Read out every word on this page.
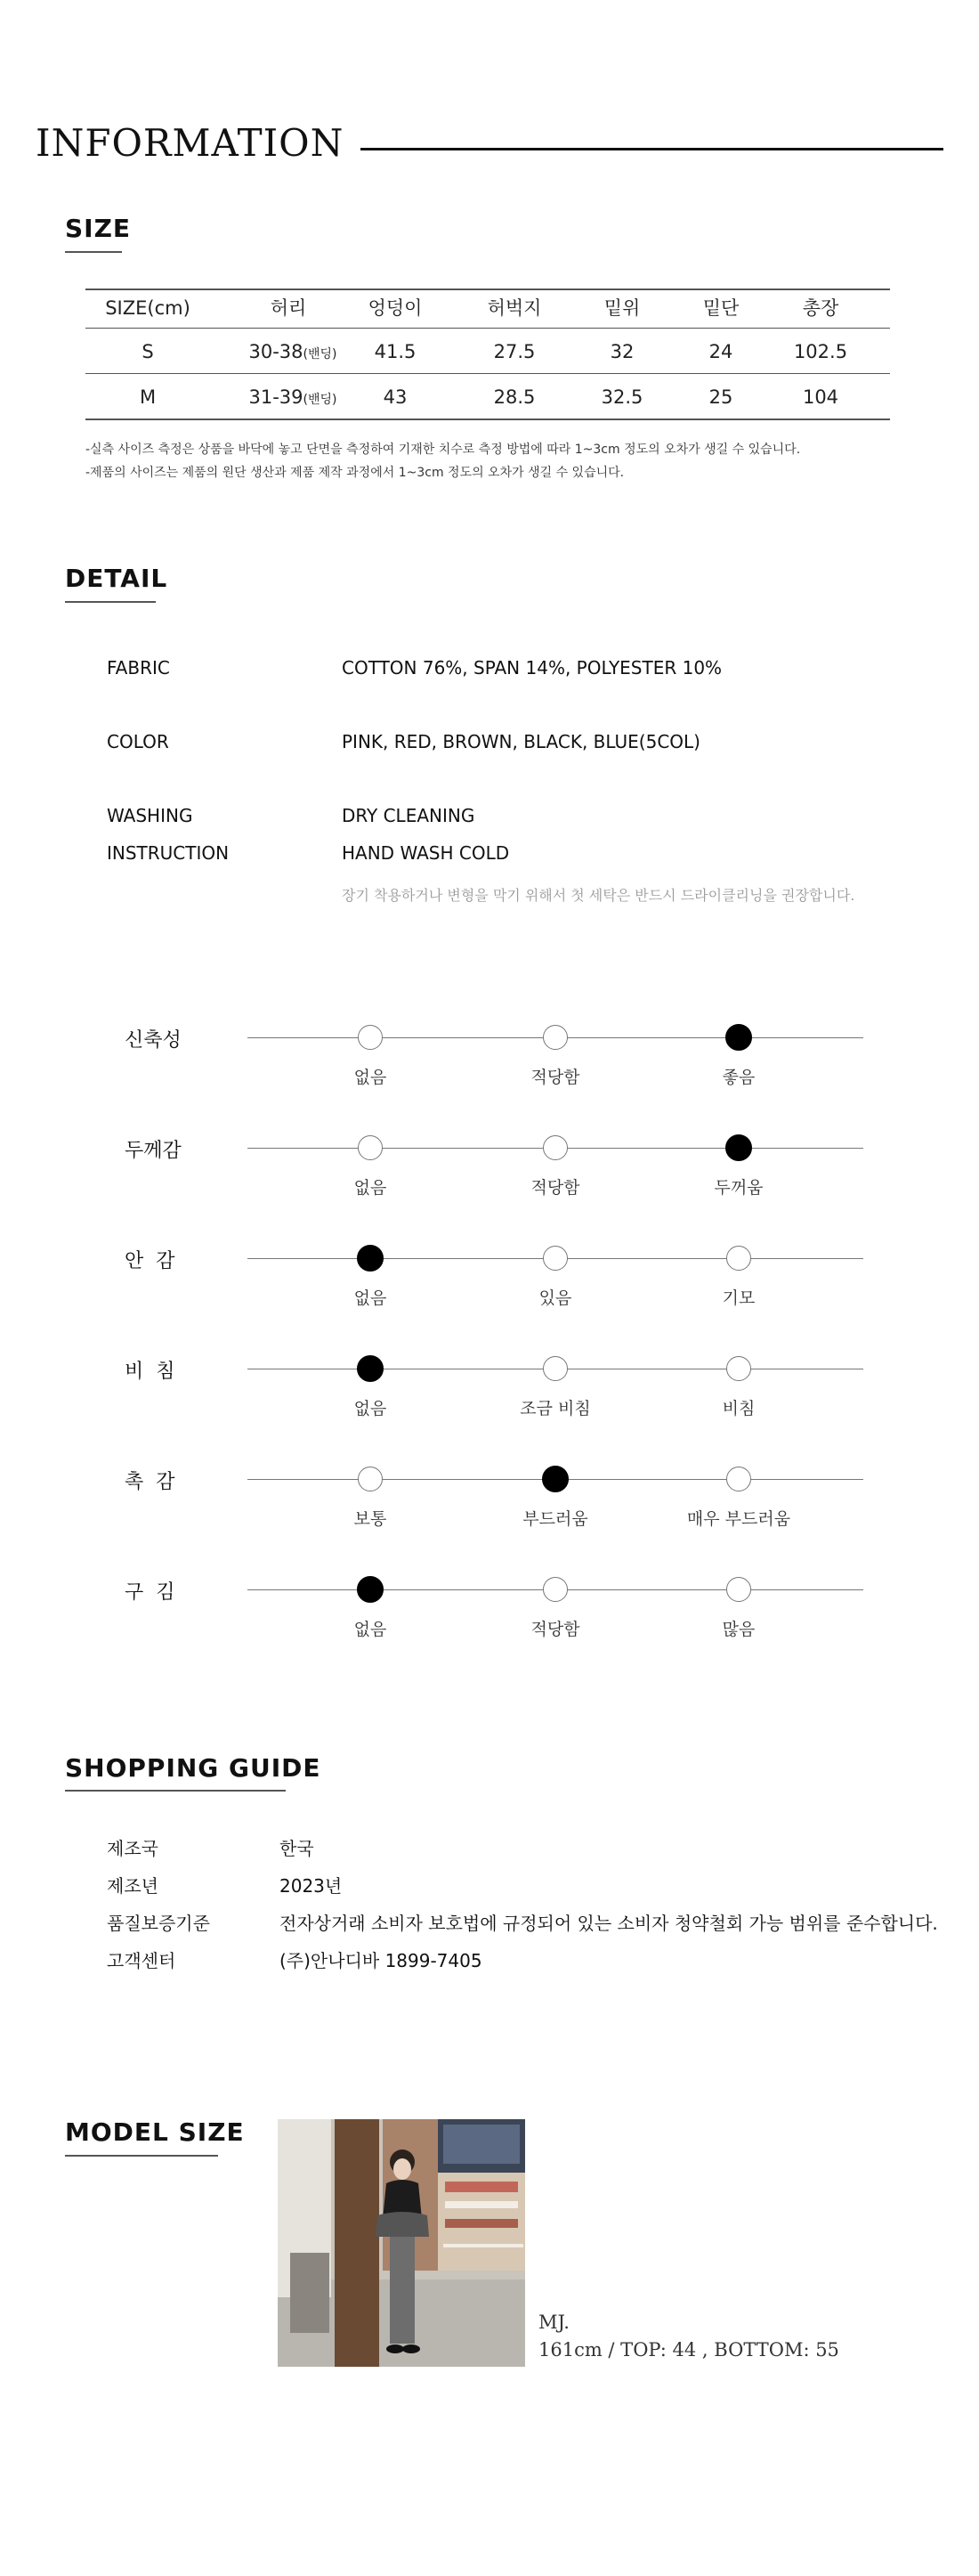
INFORMATION
SIZE
SIZE(cm)	허리	엉덩이	허벅지	밑위	밑단	총장
S	30-38(밴딩)	41.5	27.5	32	24	102.5
M	31-39(밴딩)	43	28.5	32.5	25	104
-실측 사이즈 측정은 상품을 바닥에 놓고 단면을 측정하여 기재한 치수로 측정 방법에 따라 1~3cm 정도의 오차가 생길 수 있습니다.
-제품의 사이즈는 제품의 원단 생산과 제품 제작 과정에서 1~3cm 정도의 오차가 생길 수 있습니다.
DETAIL
FABRIC	COTTON 76%, SPAN 14%, POLYESTER 10%
COLOR	PINK, RED, BROWN, BLACK, BLUE(5COL)
WASHING	DRY CLEANING
INSTRUCTION	HAND WASH COLD
장기 착용하거나 변형을 막기 위해서 첫 세탁은 반드시 드라이클리닝을 권장합니다.
신축성
없음	적당함	좋음
두께감
없음	적당함	두꺼움
안  감
없음	있음	기모
비  침
없음	조금 비침	비침
촉  감
보통	부드러움	매우 부드러움
구  김
없음	적당함	많음
SHOPPING GUIDE
제조국	한국
제조년	2023년
품질보증기준	전자상거래 소비자 보호법에 규정되어 있는 소비자 청약철회 가능 범위를 준수합니다.
고객센터	(주)안나디바 1899-7405
MODEL SIZE
MJ.
161cm / TOP: 44 , BOTTOM: 55
